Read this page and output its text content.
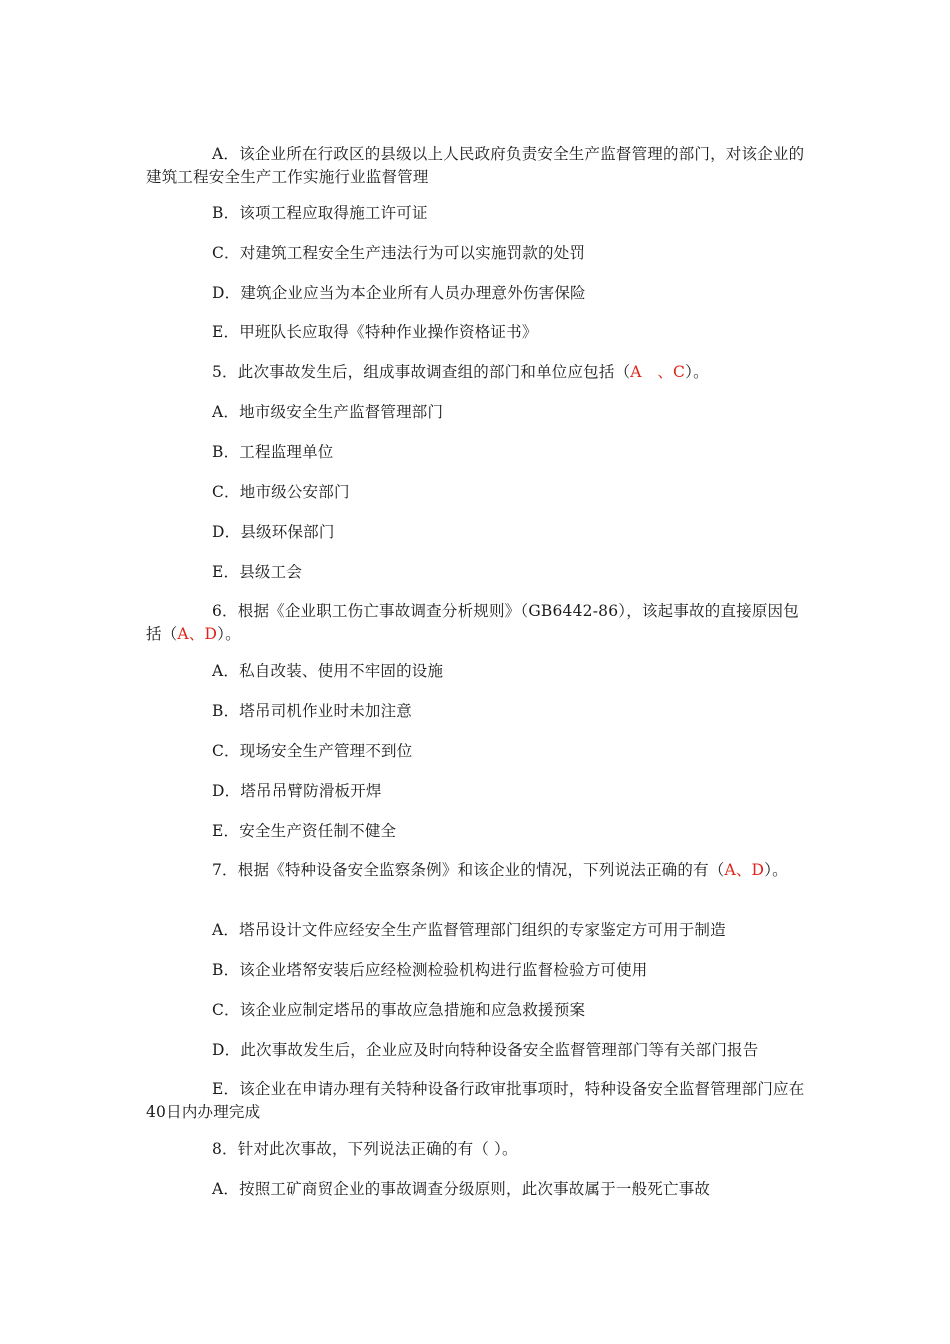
A．该企业所在行政区的县级以上人民政府负责安全生产监督管理的部门，对该企业的建筑工程安全生产工作实施行业监督管理
B．该项工程应取得施工许可证
C．对建筑工程安全生产违法行为可以实施罚款的处罚
D．建筑企业应当为本企业所有人员办理意外伤害保险
E．甲班队长应取得《特种作业操作资格证书》
5．此次事故发生后，组成事故调查组的部门和单位应包括（A　、C）。
A．地市级安全生产监督管理部门
B．工程监理单位
C．地市级公安部门
D．县级环保部门
E．县级工会
6．根据《企业职工伤亡事故调查分析规则》（GB6442-86），该起事故的直接原因包括（A、D）。
A．私自改装、使用不牢固的设施
B．塔吊司机作业时未加注意
C．现场安全生产管理不到位
D．塔吊吊臂防滑板开焊
E．安全生产资任制不健全
7．根据《特种设备安全监察条例》和该企业的情况，下列说法正确的有（A、D）。
A．塔吊设计文件应经安全生产监督管理部门组织的专家鉴定方可用于制造
B．该企业塔帑安装后应经检测检验机构进行监督检验方可使用
C．该企业应制定塔吊的事故应急措施和应急救援预案
D．此次事故发生后，企业应及时向特种设备安全监督管理部门等有关部门报告
E．该企业在申请办理有关特种设备行政审批事项时，特种设备安全监督管理部门应在40日内办理完成
8．针对此次事故，下列说法正确的有（ ）。
A．按照工矿商贸企业的事故调查分级原则，此次事故属于一般死亡事故
